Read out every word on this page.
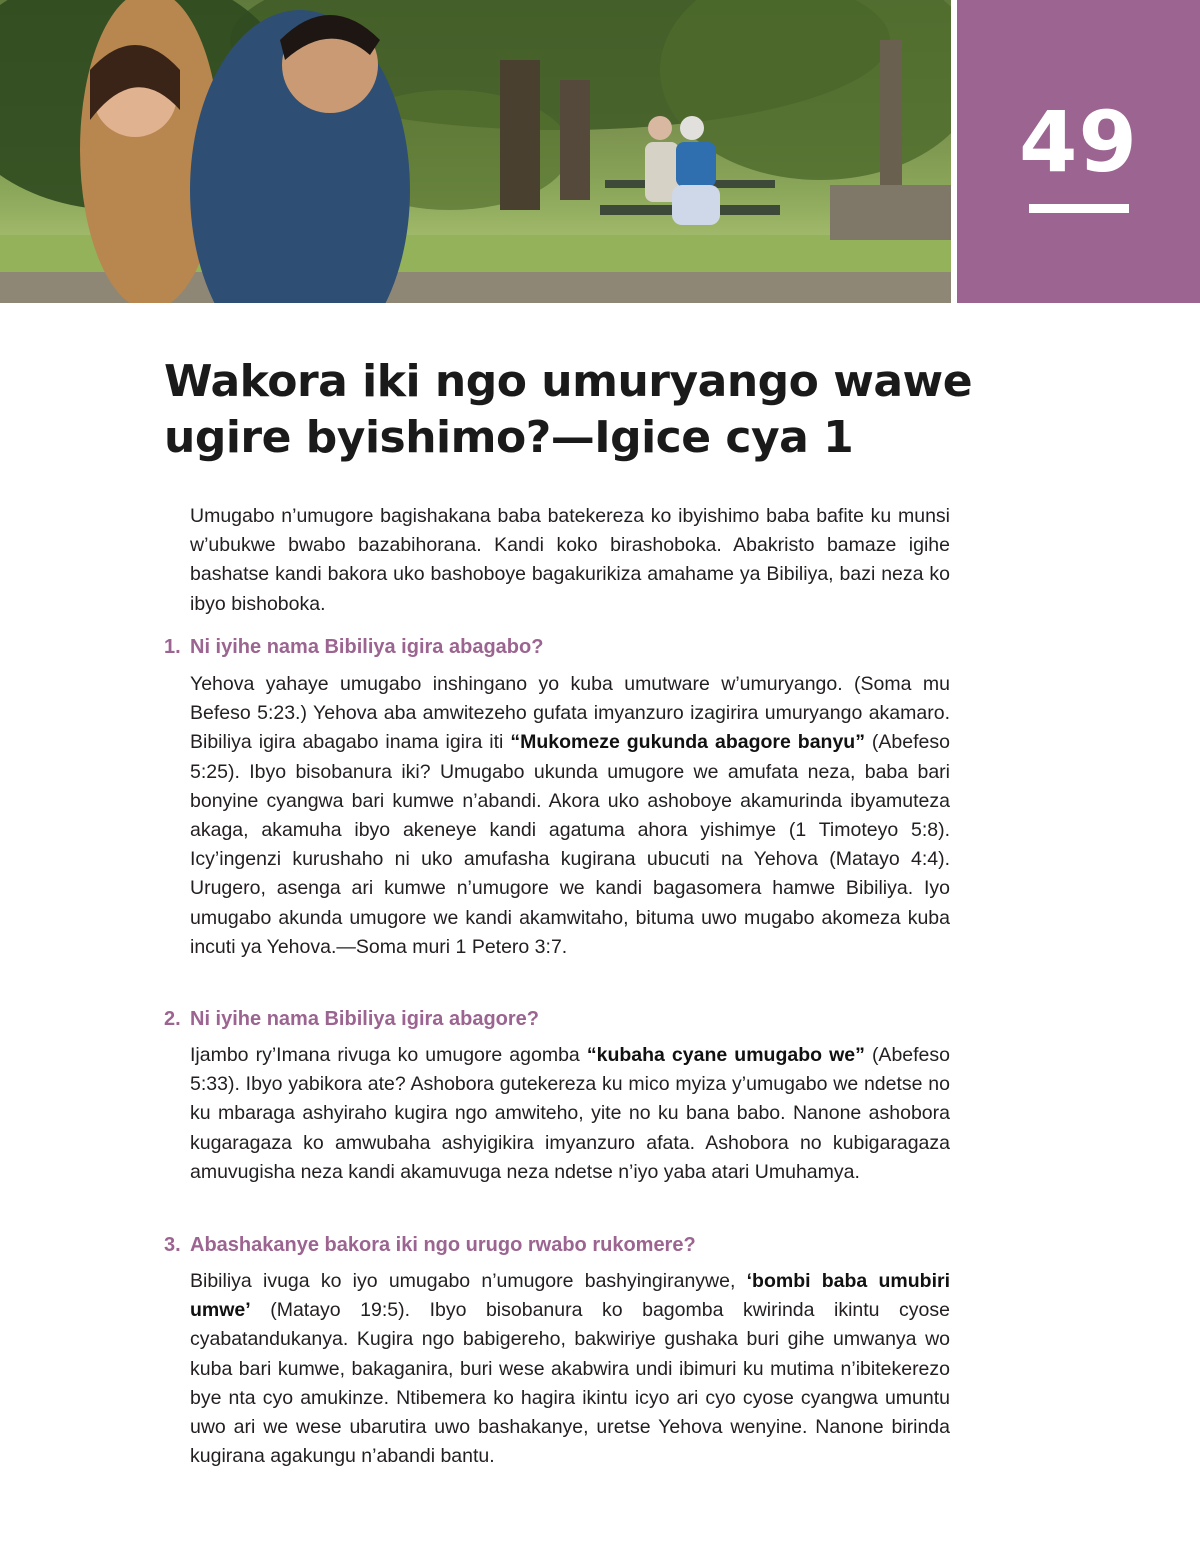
49
Wakora iki ngo umuryango wawe
ugire byishimo?—Igice cya 1

Umugabo n’umugore bagishakana baba batekereza ko ibyishimo baba bafite ku munsi w’ubukwe bwabo bazabihorana. Kandi koko birashoboka. Abakristo bamaze igihe bashatse kandi bakora uko bashoboye bagakurikiza amahame ya Bibiliya, bazi neza ko ibyo bishoboka.

1. Ni iyihe nama Bibiliya igira abagabo?

Yehova yahaye umugabo inshingano yo kuba umutware w’umuryango. (Soma mu Befeso 5:23.) Yehova aba amwitezeho gufata imyanzuro izagirira umuryango akamaro. Bibiliya igira abagabo inama igira iti “Mukomeze gukunda abagore banyu” (Abefeso 5:25). Ibyo bisobanura iki? Umugabo ukunda umugore we amufata neza, baba bari bonyine cyangwa bari kumwe n’abandi. Akora uko ashoboye akamurinda ibyamuteza akaga, akamuha ibyo akeneye kandi agatuma ahora yishimye (1 Timoteyo 5:8). Icy’ingenzi kurushaho ni uko amufasha kugirana ubucuti na Yehova (Matayo 4:4). Urugero, asenga ari kumwe n’umugore we kandi bagasomera hamwe Bibiliya. Iyo umugabo akunda umugore we kandi akamwitaho, bituma uwo mugabo akomeza kuba incuti ya Yehova.—Soma muri 1 Petero 3:7.

2. Ni iyihe nama Bibiliya igira abagore?

Ijambo ry’Imana rivuga ko umugore agomba “kubaha cyane umugabo we” (Abefeso 5:33). Ibyo yabikora ate? Ashobora gutekereza ku mico myiza y’umugabo we ndetse no ku mbaraga ashyiraho kugira ngo amwiteho, yite no ku bana babo. Nanone ashobora kugaragaza ko amwubaha ashyigikira imyanzuro afata. Ashobora no kubigaragaza amuvugisha neza kandi akamuvuga neza ndetse n’iyo yaba atari Umuhamya.

3. Abashakanye bakora iki ngo urugo rwabo rukomere?

Bibiliya ivuga ko iyo umugabo n’umugore bashyingiranywe, ‘bombi baba umubiri umwe’ (Matayo 19:5). Ibyo bisobanura ko bagomba kwirinda ikintu cyose cyabatandukanya. Kugira ngo babigereho, bakwiriye gushaka buri gihe umwanya wo kuba bari kumwe, bakaganira, buri wese akabwira undi ibimuri ku mutima n’ibitekerezo bye nta cyo amukinze. Ntibemera ko hagira ikintu icyo ari cyo cyose cyangwa umuntu uwo ari we wese ubarutira uwo bashakanye, uretse Yehova wenyine. Nanone birinda kugirana agakungu n’abandi bantu.
